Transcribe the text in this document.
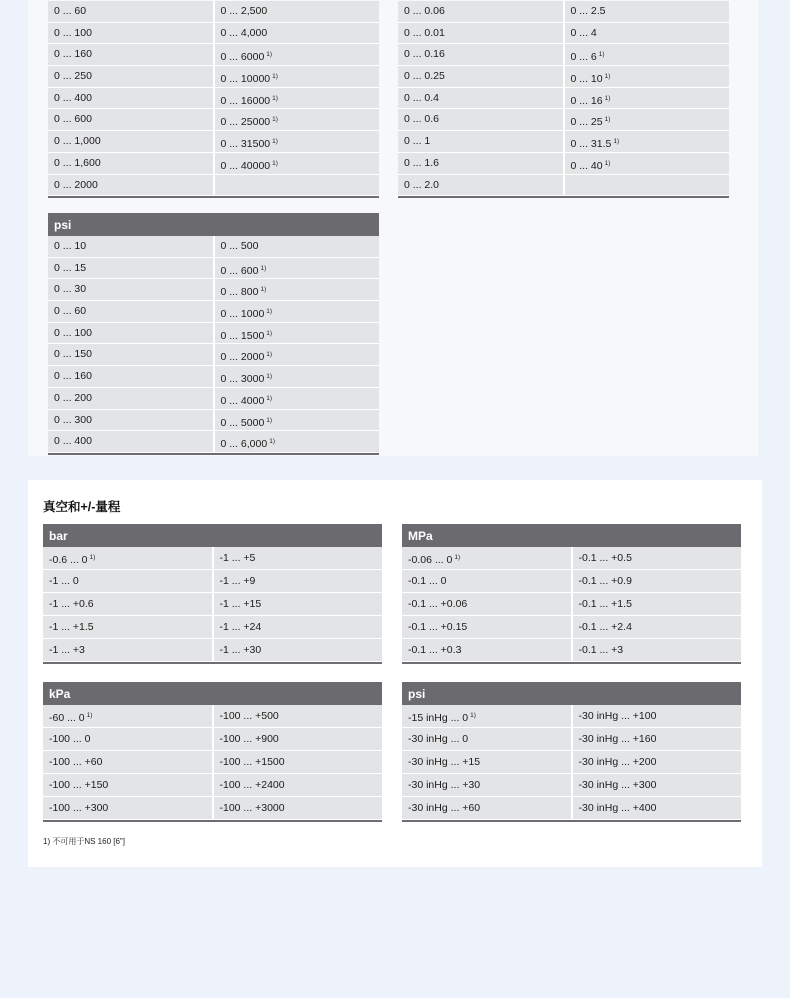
0 ... 60	0 ... 2,500
0 ... 100	0 ... 4,000
0 ... 160	0 ... 6000 $^{1)}$
0 ... 250	0 ... 10000 $^{1)}$
0 ... 400	0 ... 16000 $^{1)}$
0 ... 600	0 ... 25000 $^{1)}$
0 ... 1,000	0 ... 31500 $^{1)}$
0 ... 1,600	0 ... 40000 $^{1)}$
0 ... 2000
0 ... 0.06	0 ... 2.5
0 ... 0.01	0 ... 4
0 ... 0.16	0 ... 6 $^{1)}$
0 ... 0.25	0 ... 10 $^{1)}$
0 ... 0.4	0 ... 16 $^{1)}$
0 ... 0.6	0 ... 25 $^{1)}$
0 ... 1	0 ... 31.5 $^{1)}$
0 ... 1.6	0 ... 40 $^{1)}$
0 ... 2.0
psi
0 ... 10	0 ... 500
0 ... 15	0 ... 600 $^{1)}$
0 ... 30	0 ... 800 $^{1)}$
0 ... 60	0 ... 1000 $^{1)}$
0 ... 100	0 ... 1500 $^{1)}$
0 ... 150	0 ... 2000 $^{1)}$
0 ... 160	0 ... 3000 $^{1)}$
0 ... 200	0 ... 4000 $^{1)}$
0 ... 300	0 ... 5000 $^{1)}$
0 ... 400	0 ... 6,000 $^{1)}$
真空和+/-量程
bar
-0.6 ... 0 $^{1)}$	-1 ... +5
-1 ... 0	-1 ... +9
-1 ... +0.6	-1 ... +15
-1 ... +1.5	-1 ... +24
-1 ... +3	-1 ... +30
MPa
-0.06 ... 0 $^{1)}$	-0.1 ... +0.5
-0.1 ... 0	-0.1 ... +0.9
-0.1 ... +0.06	-0.1 ... +1.5
-0.1 ... +0.15	-0.1 ... +2.4
-0.1 ... +0.3	-0.1 ... +3
kPa
-60 ... 0 $^{1)}$	-100 ... +500
-100 ... 0	-100 ... +900
-100 ... +60	-100 ... +1500
-100 ... +150	-100 ... +2400
-100 ... +300	-100 ... +3000
psi
-15 inHg ... 0 $^{1)}$	-30 inHg ... +100
-30 inHg ... 0	-30 inHg ... +160
-30 inHg ... +15	-30 inHg ... +200
-30 inHg ... +30	-30 inHg ... +300
-30 inHg ... +60	-30 inHg ... +400
1) 不可用于NS 160 [6"]
